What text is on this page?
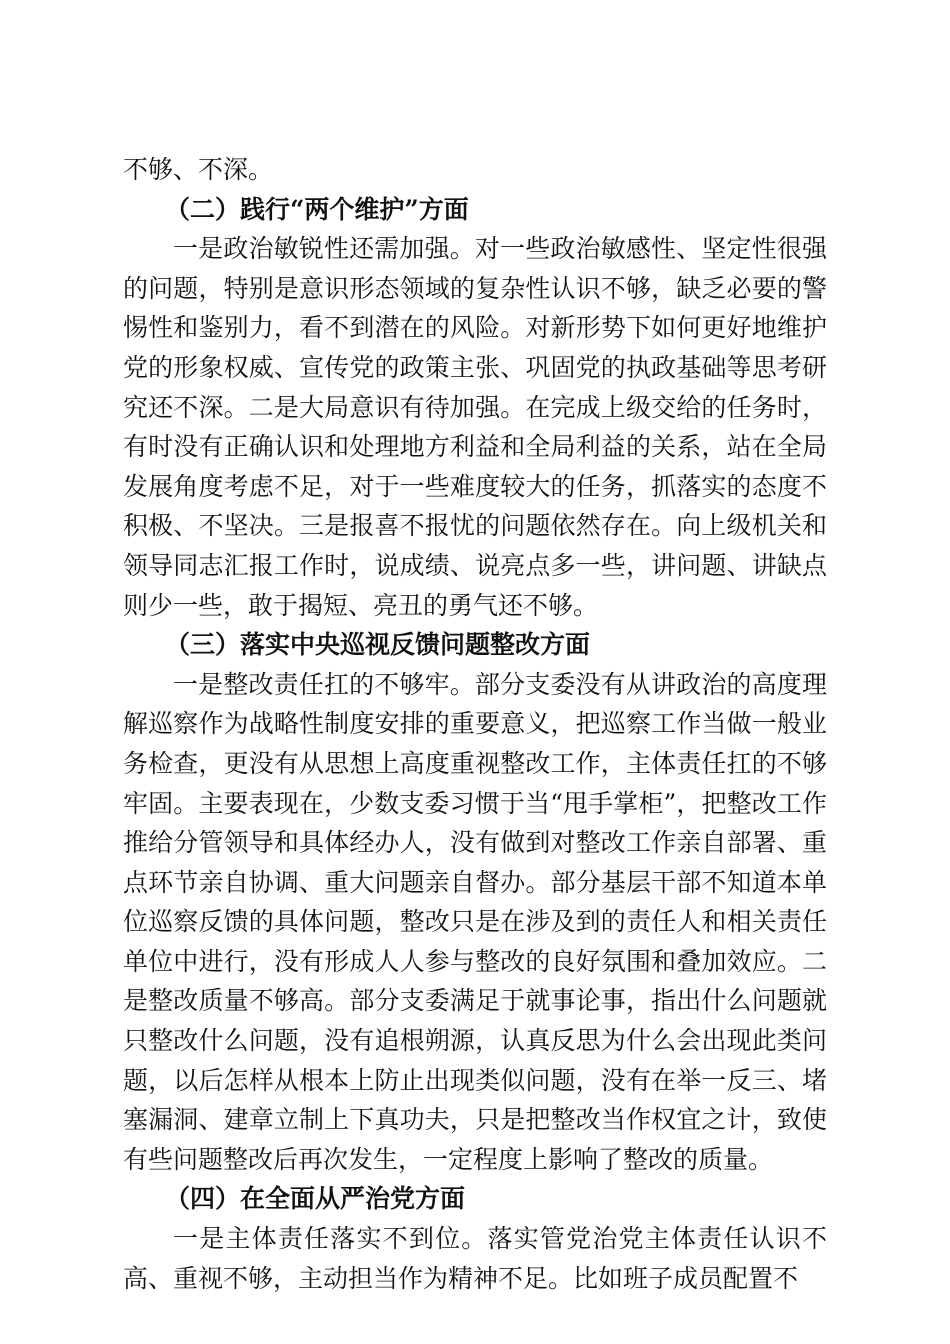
不够、不深。

（二）践行“两个维护”方面

一是政治敏锐性还需加强。对一些政治敏感性、坚定性很强的问题，特别是意识形态领域的复杂性认识不够，缺乏必要的警惕性和鉴别力，看不到潜在的风险。对新形势下如何更好地维护党的形象权威、宣传党的政策主张、巩固党的执政基础等思考研究还不深。二是大局意识有待加强。在完成上级交给的任务时，有时没有正确认识和处理地方利益和全局利益的关系，站在全局发展角度考虑不足，对于一些难度较大的任务，抓落实的态度不积极、不坚决。三是报喜不报忧的问题依然存在。向上级机关和领导同志汇报工作时，说成绩、说亮点多一些，讲问题、讲缺点则少一些，敢于揭短、亮丑的勇气还不够。

（三）落实中央巡视反馈问题整改方面

一是整改责任扛的不够牢。部分支委没有从讲政治的高度理解巡察作为战略性制度安排的重要意义，把巡察工作当做一般业务检查，更没有从思想上高度重视整改工作，主体责任扛的不够牢固。主要表现在，少数支委习惯于当“甩手掌柜”，把整改工作推给分管领导和具体经办人，没有做到对整改工作亲自部署、重点环节亲自协调、重大问题亲自督办。部分基层干部不知道本单位巡察反馈的具体问题，整改只是在涉及到的责任人和相关责任单位中进行，没有形成人人参与整改的良好氛围和叠加效应。二是整改质量不够高。部分支委满足于就事论事，指出什么问题就只整改什么问题，没有追根朔源，认真反思为什么会出现此类问题，以后怎样从根本上防止出现类似问题，没有在举一反三、堵塞漏洞、建章立制上下真功夫，只是把整改当作权宜之计，致使有些问题整改后再次发生，一定程度上影响了整改的质量。

（四）在全面从严治党方面

一是主体责任落实不到位。落实管党治党主体责任认识不高、重视不够，主动担当作为精神不足。比如班子成员配置不
